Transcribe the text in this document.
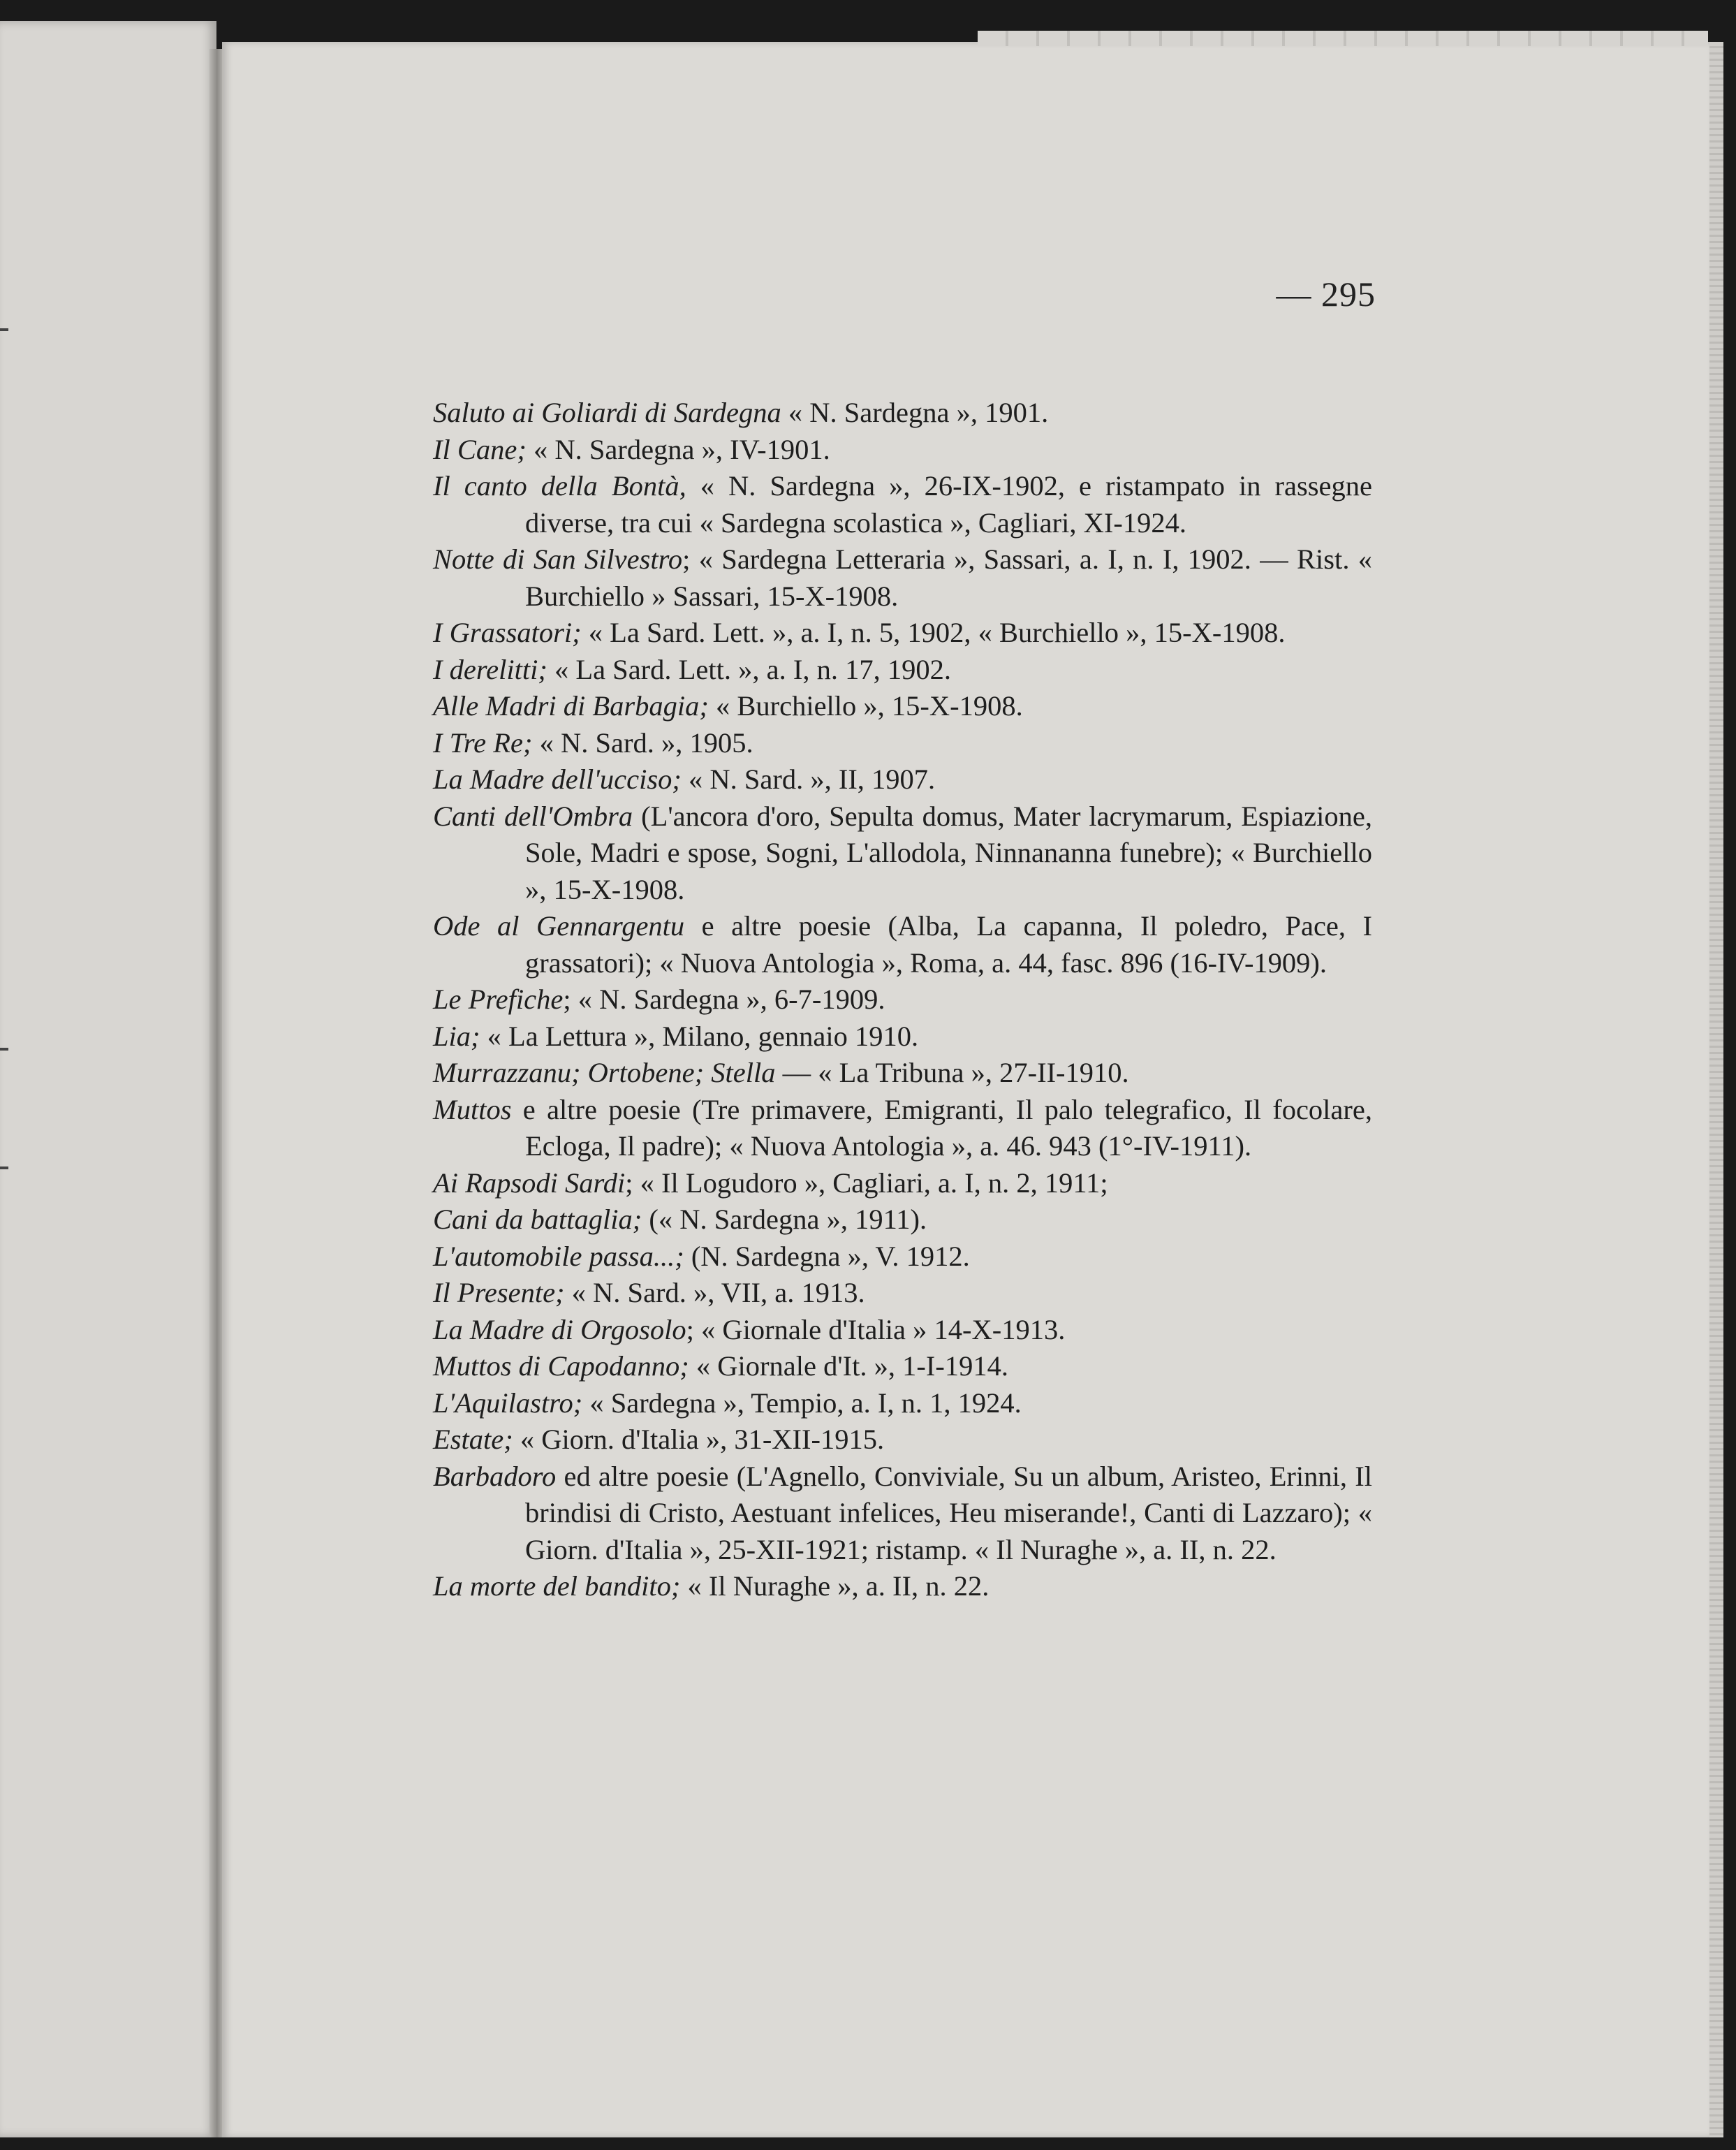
— 295

Saluto ai Goliardi di Sardegna « N. Sardegna », 1901.

Il Cane; « N. Sardegna », IV-1901.

Il canto della Bontà, « N. Sardegna », 26-IX-1902, e ristampato in rassegne diverse, tra cui « Sardegna scolastica », Cagliari, XI-1924.

Notte di San Silvestro; « Sardegna Letteraria », Sassari, a. I, n. I, 1902. — Rist. « Burchiello » Sassari, 15-X-1908.

I Grassatori; « La Sard. Lett. », a. I, n. 5, 1902, « Burchiello », 15-X-1908.

I derelitti; « La Sard. Lett. », a. I, n. 17, 1902.

Alle Madri di Barbagia; « Burchiello », 15-X-1908.

I Tre Re; « N. Sard. », 1905.

La Madre dell'ucciso; « N. Sard. », II, 1907.

Canti dell'Ombra (L'ancora d'oro, Sepulta domus, Mater lacrymarum, Espiazione, Sole, Madri e spose, Sogni, L'allodola, Ninnananna funebre); « Burchiello », 15-X-1908.

Ode al Gennargentu e altre poesie (Alba, La capanna, Il poledro, Pace, I grassatori); « Nuova Antologia », Roma, a. 44, fasc. 896 (16-IV-1909).

Le Prefiche; « N. Sardegna », 6-7-1909.

Lia; « La Lettura », Milano, gennaio 1910.

Murrazzanu; Ortobene; Stella — « La Tribuna », 27-II-1910.

Muttos e altre poesie (Tre primavere, Emigranti, Il palo telegrafico, Il focolare, Ecloga, Il padre); « Nuova Antologia », a. 46. 943 (1°-IV-1911).

Ai Rapsodi Sardi; « Il Logudoro », Cagliari, a. I, n. 2, 1911;

Cani da battaglia; (« N. Sardegna », 1911).

L'automobile passa...; (N. Sardegna », V. 1912.

Il Presente; « N. Sard. », VII, a. 1913.

La Madre di Orgosolo; « Giornale d'Italia » 14-X-1913.

Muttos di Capodanno; « Giornale d'It. », 1-I-1914.

L'Aquilastro; « Sardegna », Tempio, a. I, n. 1, 1924.

Estate; « Giorn. d'Italia », 31-XII-1915.

Barbadoro ed altre poesie (L'Agnello, Conviviale, Su un album, Aristeo, Erinni, Il brindisi di Cristo, Aestuant infelices, Heu miserande!, Canti di Lazzaro); « Giorn. d'Italia », 25-XII-1921; ristamp. « Il Nuraghe », a. II, n. 22.

La morte del bandito; « Il Nuraghe », a. II, n. 22.
